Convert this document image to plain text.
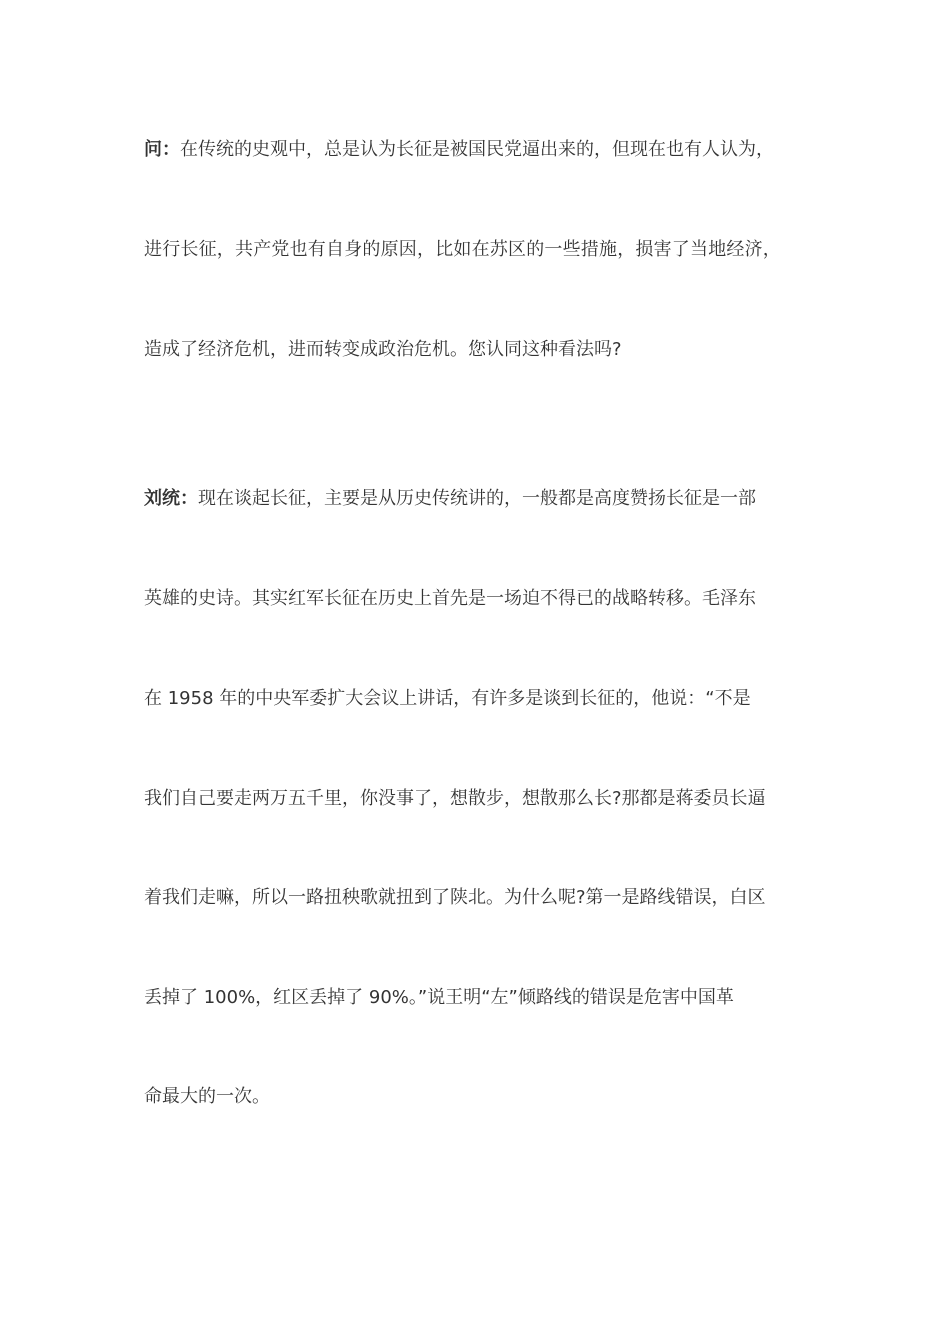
问：在传统的史观中，总是认为长征是被国民党逼出来的，但现在也有人认为，
进行长征，共产党也有自身的原因，比如在苏区的一些措施，损害了当地经济，
造成了经济危机，进而转变成政治危机。您认同这种看法吗?
刘统：现在谈起长征，主要是从历史传统讲的，一般都是高度赞扬长征是一部
英雄的史诗。其实红军长征在历史上首先是一场迫不得已的战略转移。毛泽东
在 1958 年的中央军委扩大会议上讲话，有许多是谈到长征的，他说：“不是
我们自己要走两万五千里，你没事了，想散步，想散那么长?那都是蒋委员长逼
着我们走嘛，所以一路扭秧歌就扭到了陕北。为什么呢?第一是路线错误，白区
丢掉了 100%，红区丢掉了 90%。”说王明“左”倾路线的错误是危害中国革
命最大的一次。
